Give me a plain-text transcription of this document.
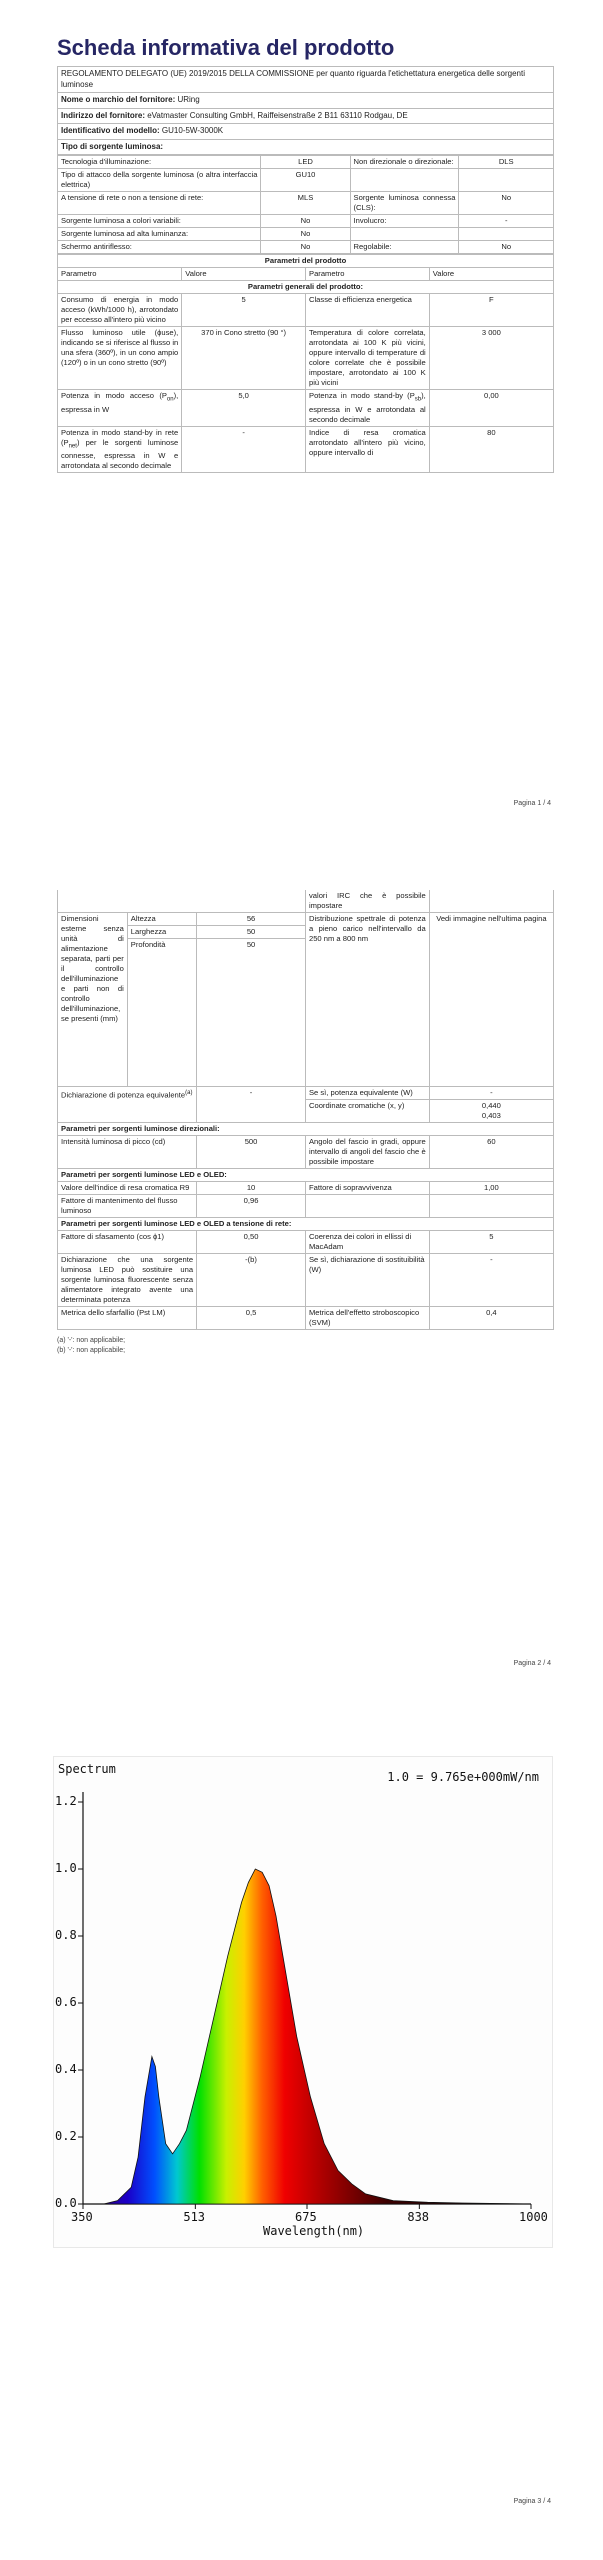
Scheda informativa del prodotto
REGOLAMENTO DELEGATO (UE) 2019/2015 DELLA COMMISSIONE per quanto riguarda l'etichettatura energetica delle sorgenti luminose
Nome o marchio del fornitore: URing
Indirizzo del fornitore: eVatmaster Consulting GmbH, Raiffeisenstraße 2 B11 63110 Rodgau, DE
Identificativo del modello: GU10-5W-3000K
Tipo di sorgente luminosa:
Tecnologia d'illuminazione:	LED	Non direzionale o direzionale:	DLS
Tipo di attacco della sorgente luminosa (o altra interfaccia elettrica)	GU10		
A tensione di rete o non a tensione di rete:	MLS	Sorgente luminosa connessa (CLS):	No
Sorgente luminosa a colori variabili:	No	Involucro:	-
Sorgente luminosa ad alta luminanza:	No		
Schermo antiriflesso:	No	Regolabile:	No
Parametri del prodotto			
Parametro	Valore	Parametro	Valore
Parametri generali del prodotto:			
Consumo di energia in modo acceso (kWh/1000 h), arrotondato per eccesso all'intero più vicino	5	Classe di efficienza energetica	F
Flusso luminoso utile (ϕuse), indicando se si riferisce al flusso in una sfera (360º), in un cono ampio (120º) o in un cono stretto (90º)	370 in Cono stretto (90 °)	Temperatura di colore correlata, arrotondata ai 100 K più vicini, oppure intervallo di temperature di colore correlate che è possibile impostare, arrotondato ai 100 K più vicini	3 000
Potenza in modo acceso $(P_{on})$, espressa in W	5,0	Potenza in modo stand-by $(P_{sb})$, espressa in W e arrotondata al secondo decimale	0,00
Potenza in modo stand-by in rete $(P_{net})$ per le sorgenti luminose connesse, espressa in W e arrotondata al secondo decimale	-	Indice di resa cromatica arrotondato all'intero più vicino, oppure intervallo di	80
Pagina 1 / 4
			valori IRC che è possibile impostare	
Dimensioni esterne senza unità di alimentazione separata, parti per il controllo dell'illuminazione e parti non di controllo dell'illuminazione, se presenti (mm)	Altezza	56	Distribuzione spettrale di potenza a pieno carico nell'intervallo da 250 nm a 800 nm	Vedi immagine nell'ultima pagina
	Larghezza	50		
	Profondità	50		
Dichiarazione di potenza equivalente$^{(a)}$		-	Se sì, potenza equivalente (W)	-
			Coordinate cromatiche (x, y)	0,440
0,403

Parametri per sorgenti luminose direzionali:				
Intensità luminosa di picco (cd)		500	Angolo del fascio in gradi, oppure intervallo di angoli del fascio che è possibile impostare	60
Parametri per sorgenti luminose LED e OLED:				
Valore dell'indice di resa cromatica R9		10	Fattore di sopravvivenza	1,00
Fattore di mantenimento del flusso luminoso		0,96		
Parametri per sorgenti luminose LED e OLED a tensione di rete:				
Fattore di sfasamento (cos ϕ1)		0,50	Coerenza dei colori in ellissi di MacAdam	5
Dichiarazione che una sorgente luminosa LED può sostituire una sorgente luminosa fluorescente senza alimentatore integrato avente una determinata potenza		-(b)	Se sì, dichiarazione di sostituibilità (W)	-
Metrica dello sfarfallio (Pst LM)		0,5	Metrica dell'effetto stroboscopico (SVM)	0,4
(a) '-': non applicabile;
(b) '-': non applicabile;
Pagina 2 / 4
Spectrum
1.0 = 9.765e+000mW/nm
Wavelength(nm)
0.0
0.2
0.4
0.6
0.8
1.0
1.2
350	513	675	838	1000
Pagina 3 / 4
